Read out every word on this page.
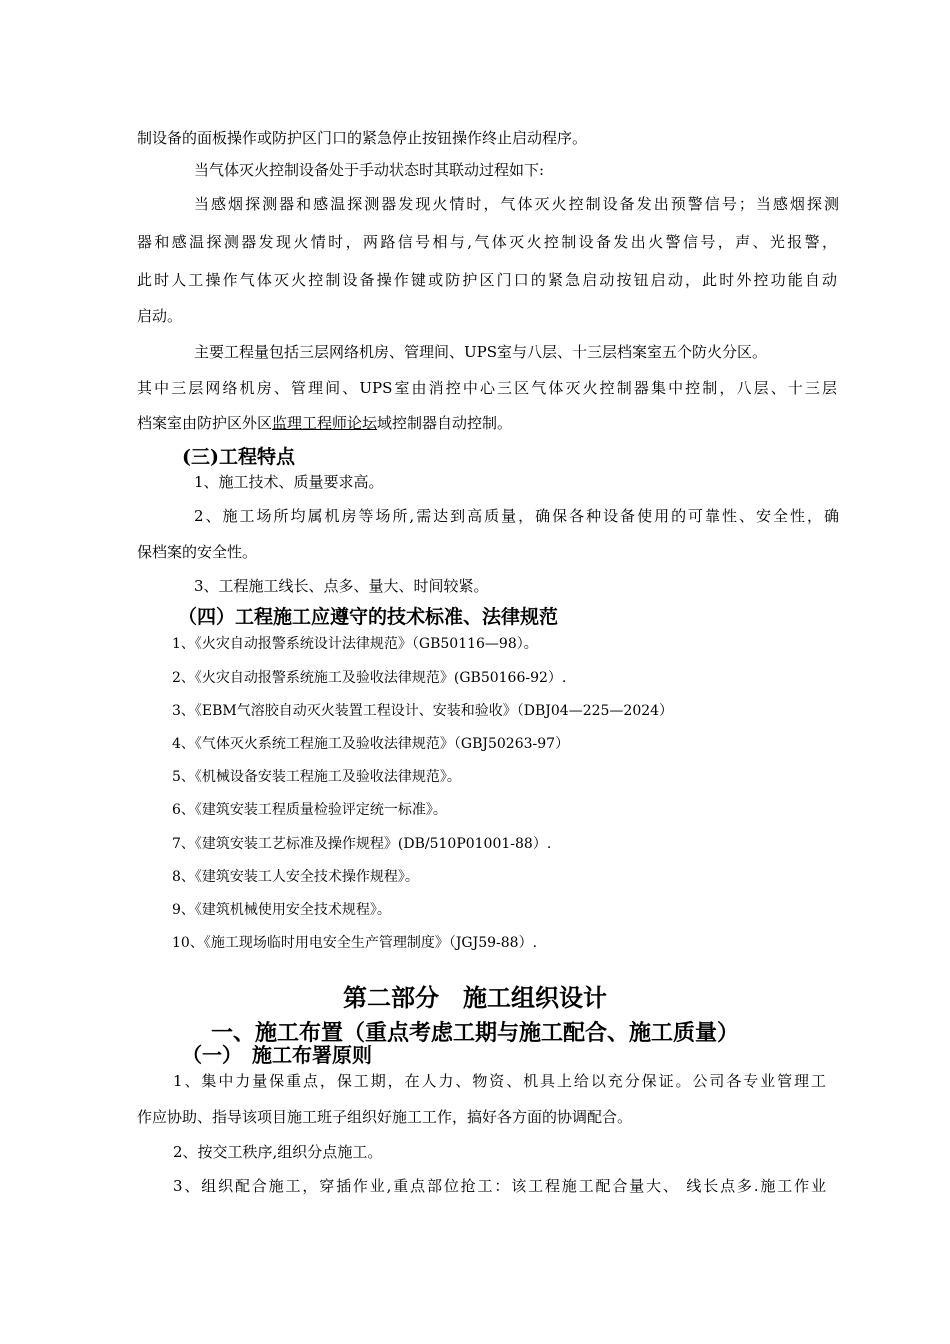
制设备的面板操作或防护区门口的紧急停止按钮操作终止启动程序。
当气体灭火控制设备处于手动状态时其联动过程如下:
当感烟探测器和感温探测器发现火情时，气体灭火控制设备发出预警信号；当感烟探测
器和感温探测器发现火情时，两路信号相与,气体灭火控制设备发出火警信号，声、光报警，
此时人工操作气体灭火控制设备操作键或防护区门口的紧急启动按钮启动，此时外控功能自动
启动。
主要工程量包括三层网络机房、管理间、UPS室与八层、十三层档案室五个防火分区。
其中三层网络机房、管理间、UPS室由消控中心三区气体灭火控制器集中控制，八层、十三层
档案室由防护区外区监理工程师论坛域控制器自动控制。
(三)工程特点
1、施工技术、质量要求高。
2、施工场所均属机房等场所,需达到高质量，确保各种设备使用的可靠性、安全性，确
保档案的安全性。
3、工程施工线长、点多、量大、时间较紧。
（四）工程施工应遵守的技术标准、法律规范
1、《火灾自动报警系统设计法律规范》（GB50116—98）。
2、《火灾自动报警系统施工及验收法律规范》(GB50166-92）.
3、《EBM气溶胶自动灭火装置工程设计、安装和验收》（DBJ04—225—2024）
4、《气体灭火系统工程施工及验收法律规范》（GBJ50263-97）
5、《机械设备安装工程施工及验收法律规范》。
6、《建筑安装工程质量检验评定统一标准》。
7、《建筑安装工艺标准及操作规程》(DB/510P01001-88）.
8、《建筑安装工人安全技术操作规程》。
9、《建筑机械使用安全技术规程》。
10、《施工现场临时用电安全生产管理制度》（JGJ59-88）.
第二部分　施工组织设计
一、施工布置（重点考虑工期与施工配合、施工质量）
（一）　施工布署原则
1、集中力量保重点，保工期，在人力、物资、机具上给以充分保证。公司各专业管理工
作应协助、指导该项目施工班子组织好施工工作，搞好各方面的协调配合。
2、按交工秩序,组织分点施工。
3、组织配合施工，穿插作业,重点部位抢工：该工程施工配合量大、 线长点多.施工作业
